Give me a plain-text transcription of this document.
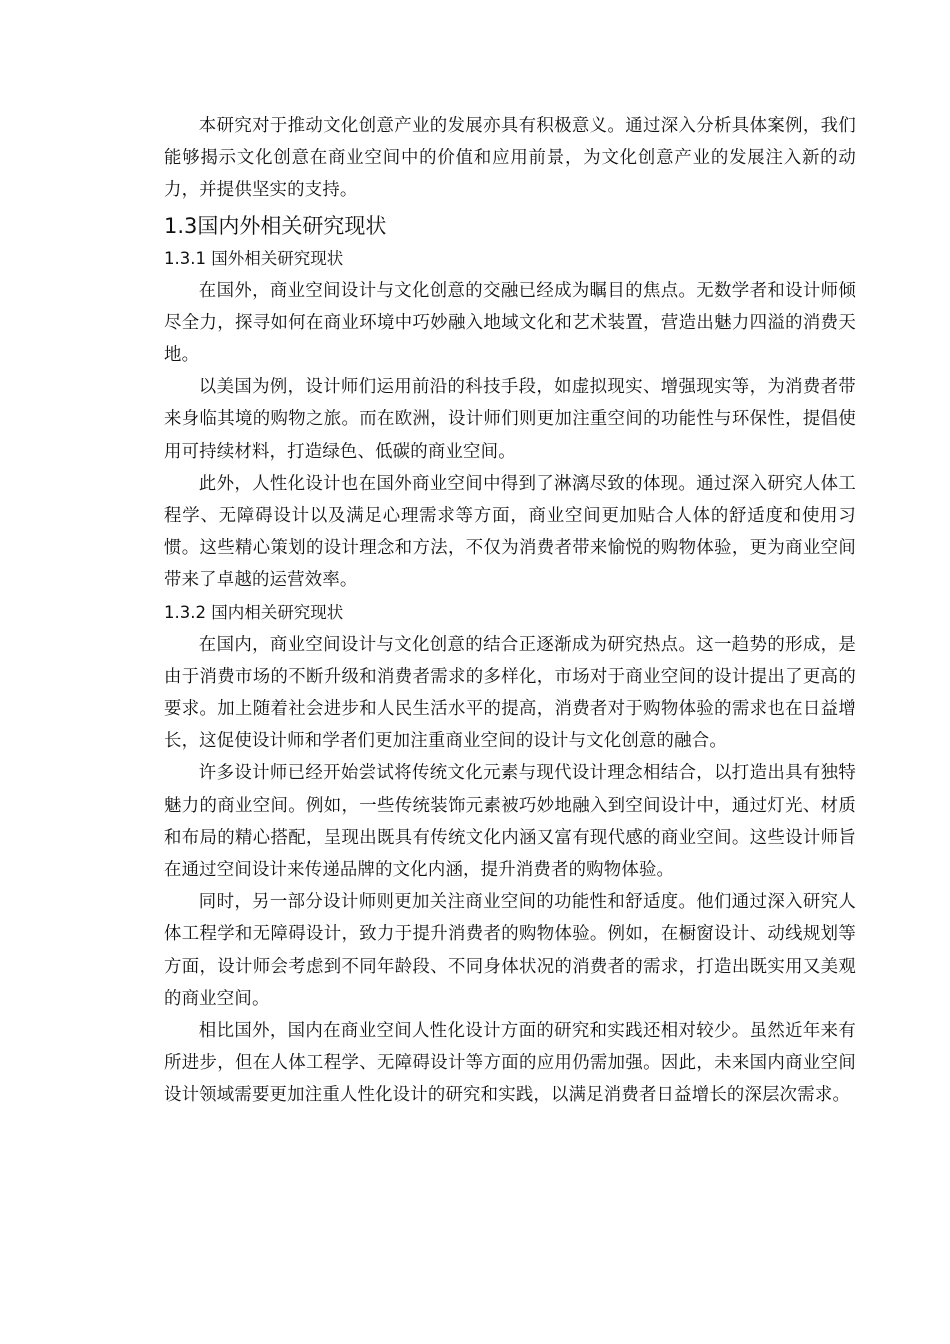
本研究对于推动文化创意产业的发展亦具有积极意义。通过深入分析具体案例，我们能够揭示文化创意在商业空间中的价值和应用前景，为文化创意产业的发展注入新的动力，并提供坚实的支持。

1.3国内外相关研究现状
1.3.1 国外相关研究现状

在国外，商业空间设计与文化创意的交融已经成为瞩目的焦点。无数学者和设计师倾尽全力，探寻如何在商业环境中巧妙融入地域文化和艺术装置，营造出魅力四溢的消费天地。

以美国为例，设计师们运用前沿的科技手段，如虚拟现实、增强现实等，为消费者带来身临其境的购物之旅。而在欧洲，设计师们则更加注重空间的功能性与环保性，提倡使用可持续材料，打造绿色、低碳的商业空间。

此外，人性化设计也在国外商业空间中得到了淋漓尽致的体现。通过深入研究人体工程学、无障碍设计以及满足心理需求等方面，商业空间更加贴合人体的舒适度和使用习惯。这些精心策划的设计理念和方法，不仅为消费者带来愉悦的购物体验，更为商业空间带来了卓越的运营效率。

1.3.2 国内相关研究现状

在国内，商业空间设计与文化创意的结合正逐渐成为研究热点。这一趋势的形成，是由于消费市场的不断升级和消费者需求的多样化，市场对于商业空间的设计提出了更高的要求。加上随着社会进步和人民生活水平的提高，消费者对于购物体验的需求也在日益增长，这促使设计师和学者们更加注重商业空间的设计与文化创意的融合。

许多设计师已经开始尝试将传统文化元素与现代设计理念相结合，以打造出具有独特魅力的商业空间。例如，一些传统装饰元素被巧妙地融入到空间设计中，通过灯光、材质和布局的精心搭配，呈现出既具有传统文化内涵又富有现代感的商业空间。这些设计师旨在通过空间设计来传递品牌的文化内涵，提升消费者的购物体验。

同时，另一部分设计师则更加关注商业空间的功能性和舒适度。他们通过深入研究人体工程学和无障碍设计，致力于提升消费者的购物体验。例如，在橱窗设计、动线规划等方面，设计师会考虑到不同年龄段、不同身体状况的消费者的需求，打造出既实用又美观的商业空间。

相比国外，国内在商业空间人性化设计方面的研究和实践还相对较少。虽然近年来有所进步，但在人体工程学、无障碍设计等方面的应用仍需加强。因此，未来国内商业空间设计领域需要更加注重人性化设计的研究和实践，以满足消费者日益增长的深层次需求。
